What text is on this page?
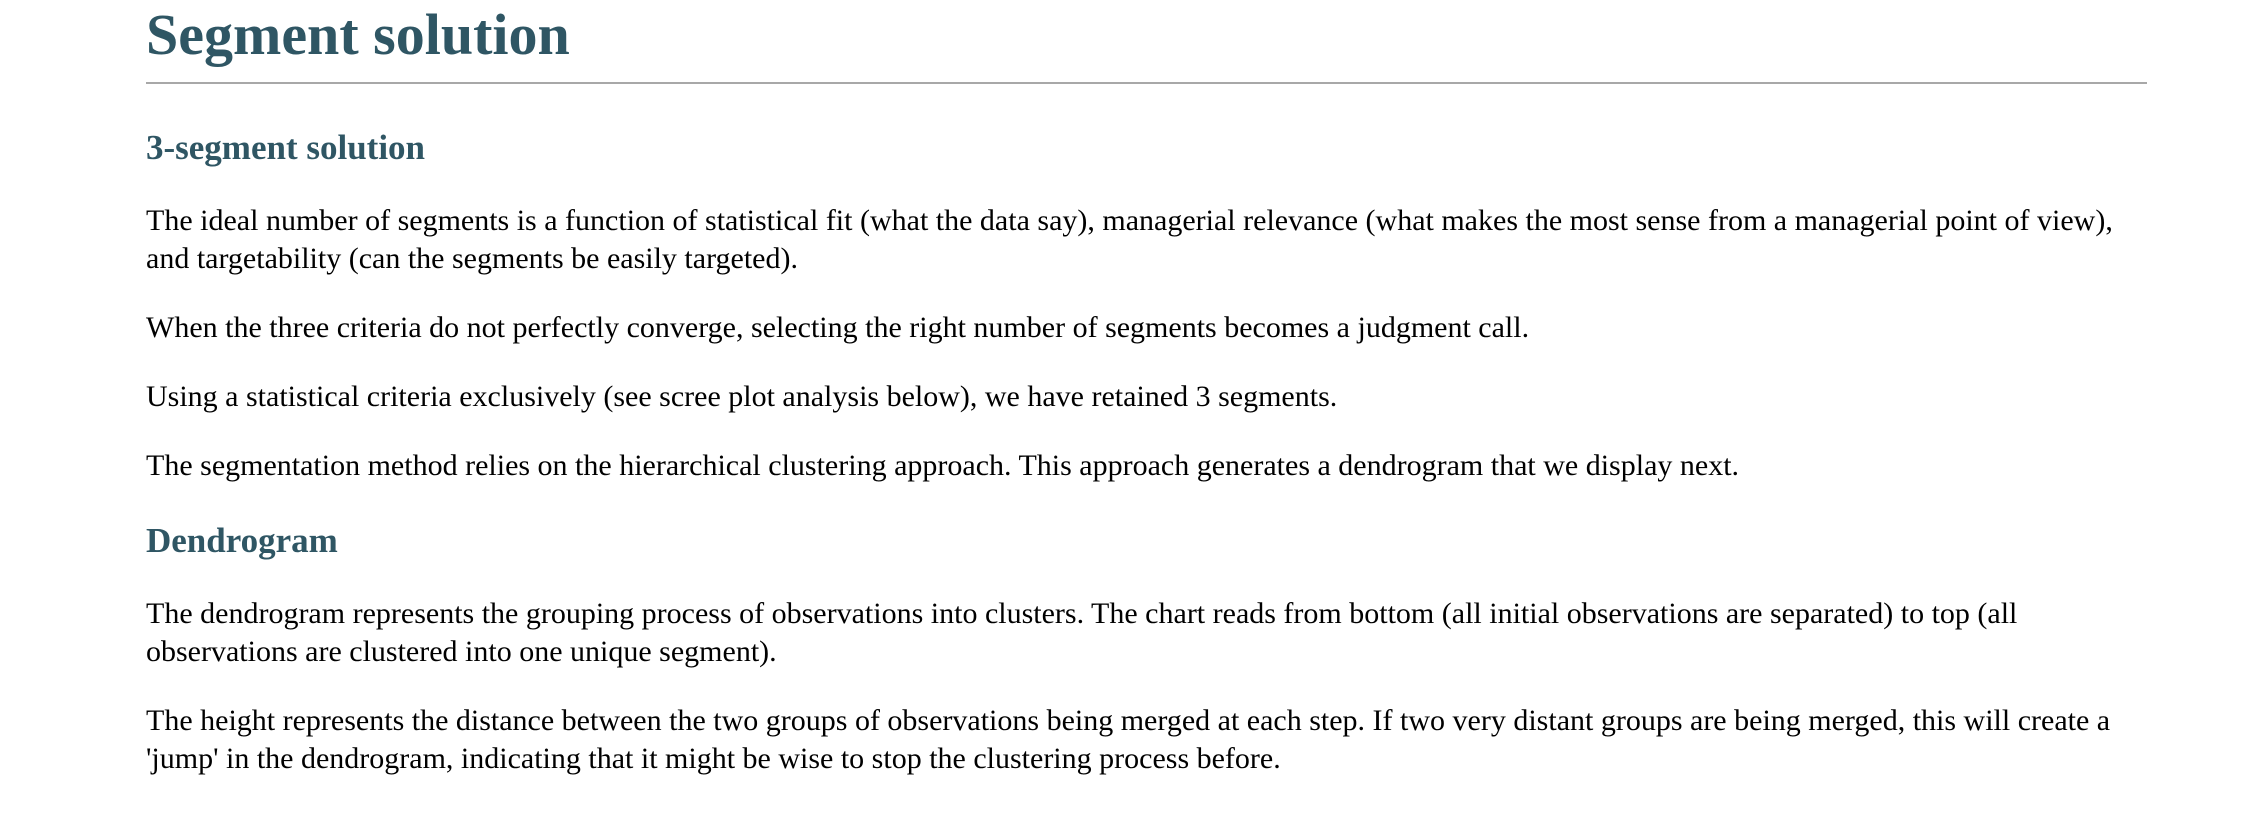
Segment solution
3-segment solution

The ideal number of segments is a function of statistical fit (what the data say), managerial relevance (what makes the most sense from a managerial point of view), and targetability (can the segments be easily targeted).

When the three criteria do not perfectly converge, selecting the right number of segments becomes a judgment call.

Using a statistical criteria exclusively (see scree plot analysis below), we have retained 3 segments.

The segmentation method relies on the hierarchical clustering approach. This approach generates a dendrogram that we display next.

Dendrogram

The dendrogram represents the grouping process of observations into clusters. The chart reads from bottom (all initial observations are separated) to top (all observations are clustered into one unique segment).

The height represents the distance between the two groups of observations being merged at each step. If two very distant groups are being merged, this will create a 'jump' in the dendrogram, indicating that it might be wise to stop the clustering process before.
